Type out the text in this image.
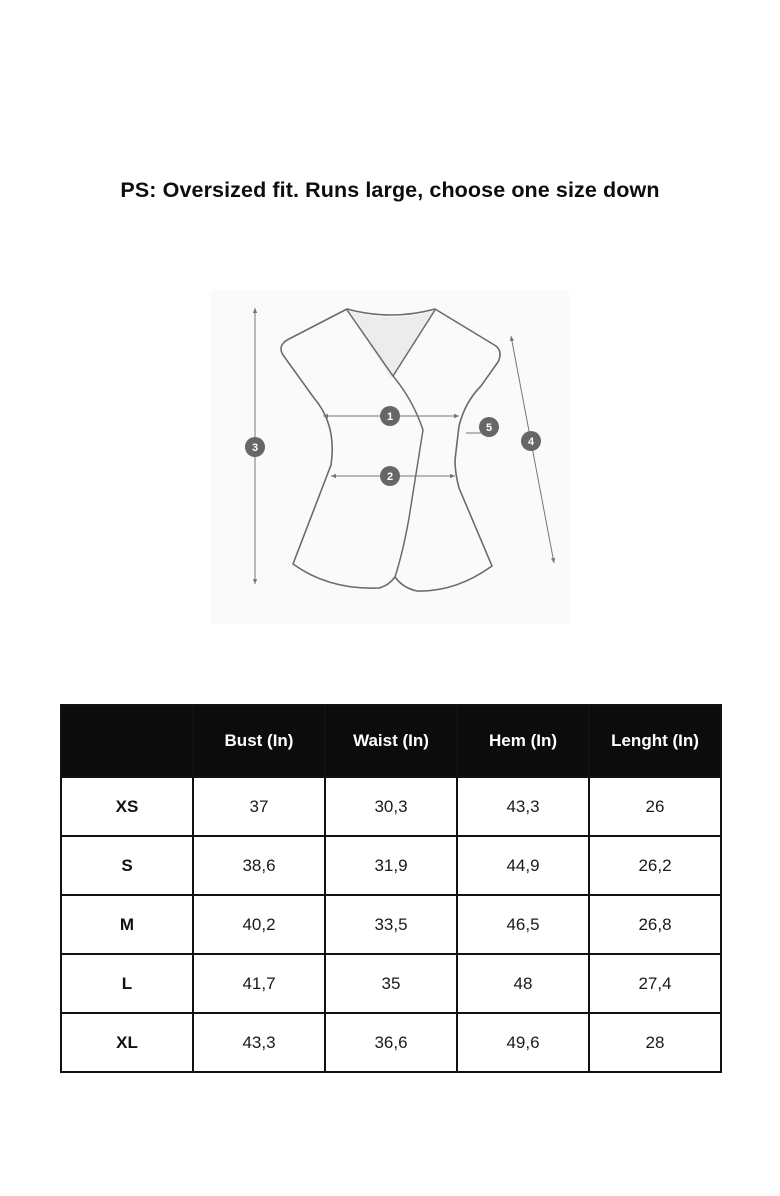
PS: Oversized fit. Runs large, choose one size down
1
2
3	4
5
	Bust (In)	Waist (In)	Hem (In)	Lenght (In)
XS	37	30,3	43,3	26
S	38,6	31,9	44,9	26,2
M	40,2	33,5	46,5	26,8
L	41,7	35	48	27,4
XL	43,3	36,6	49,6	28
